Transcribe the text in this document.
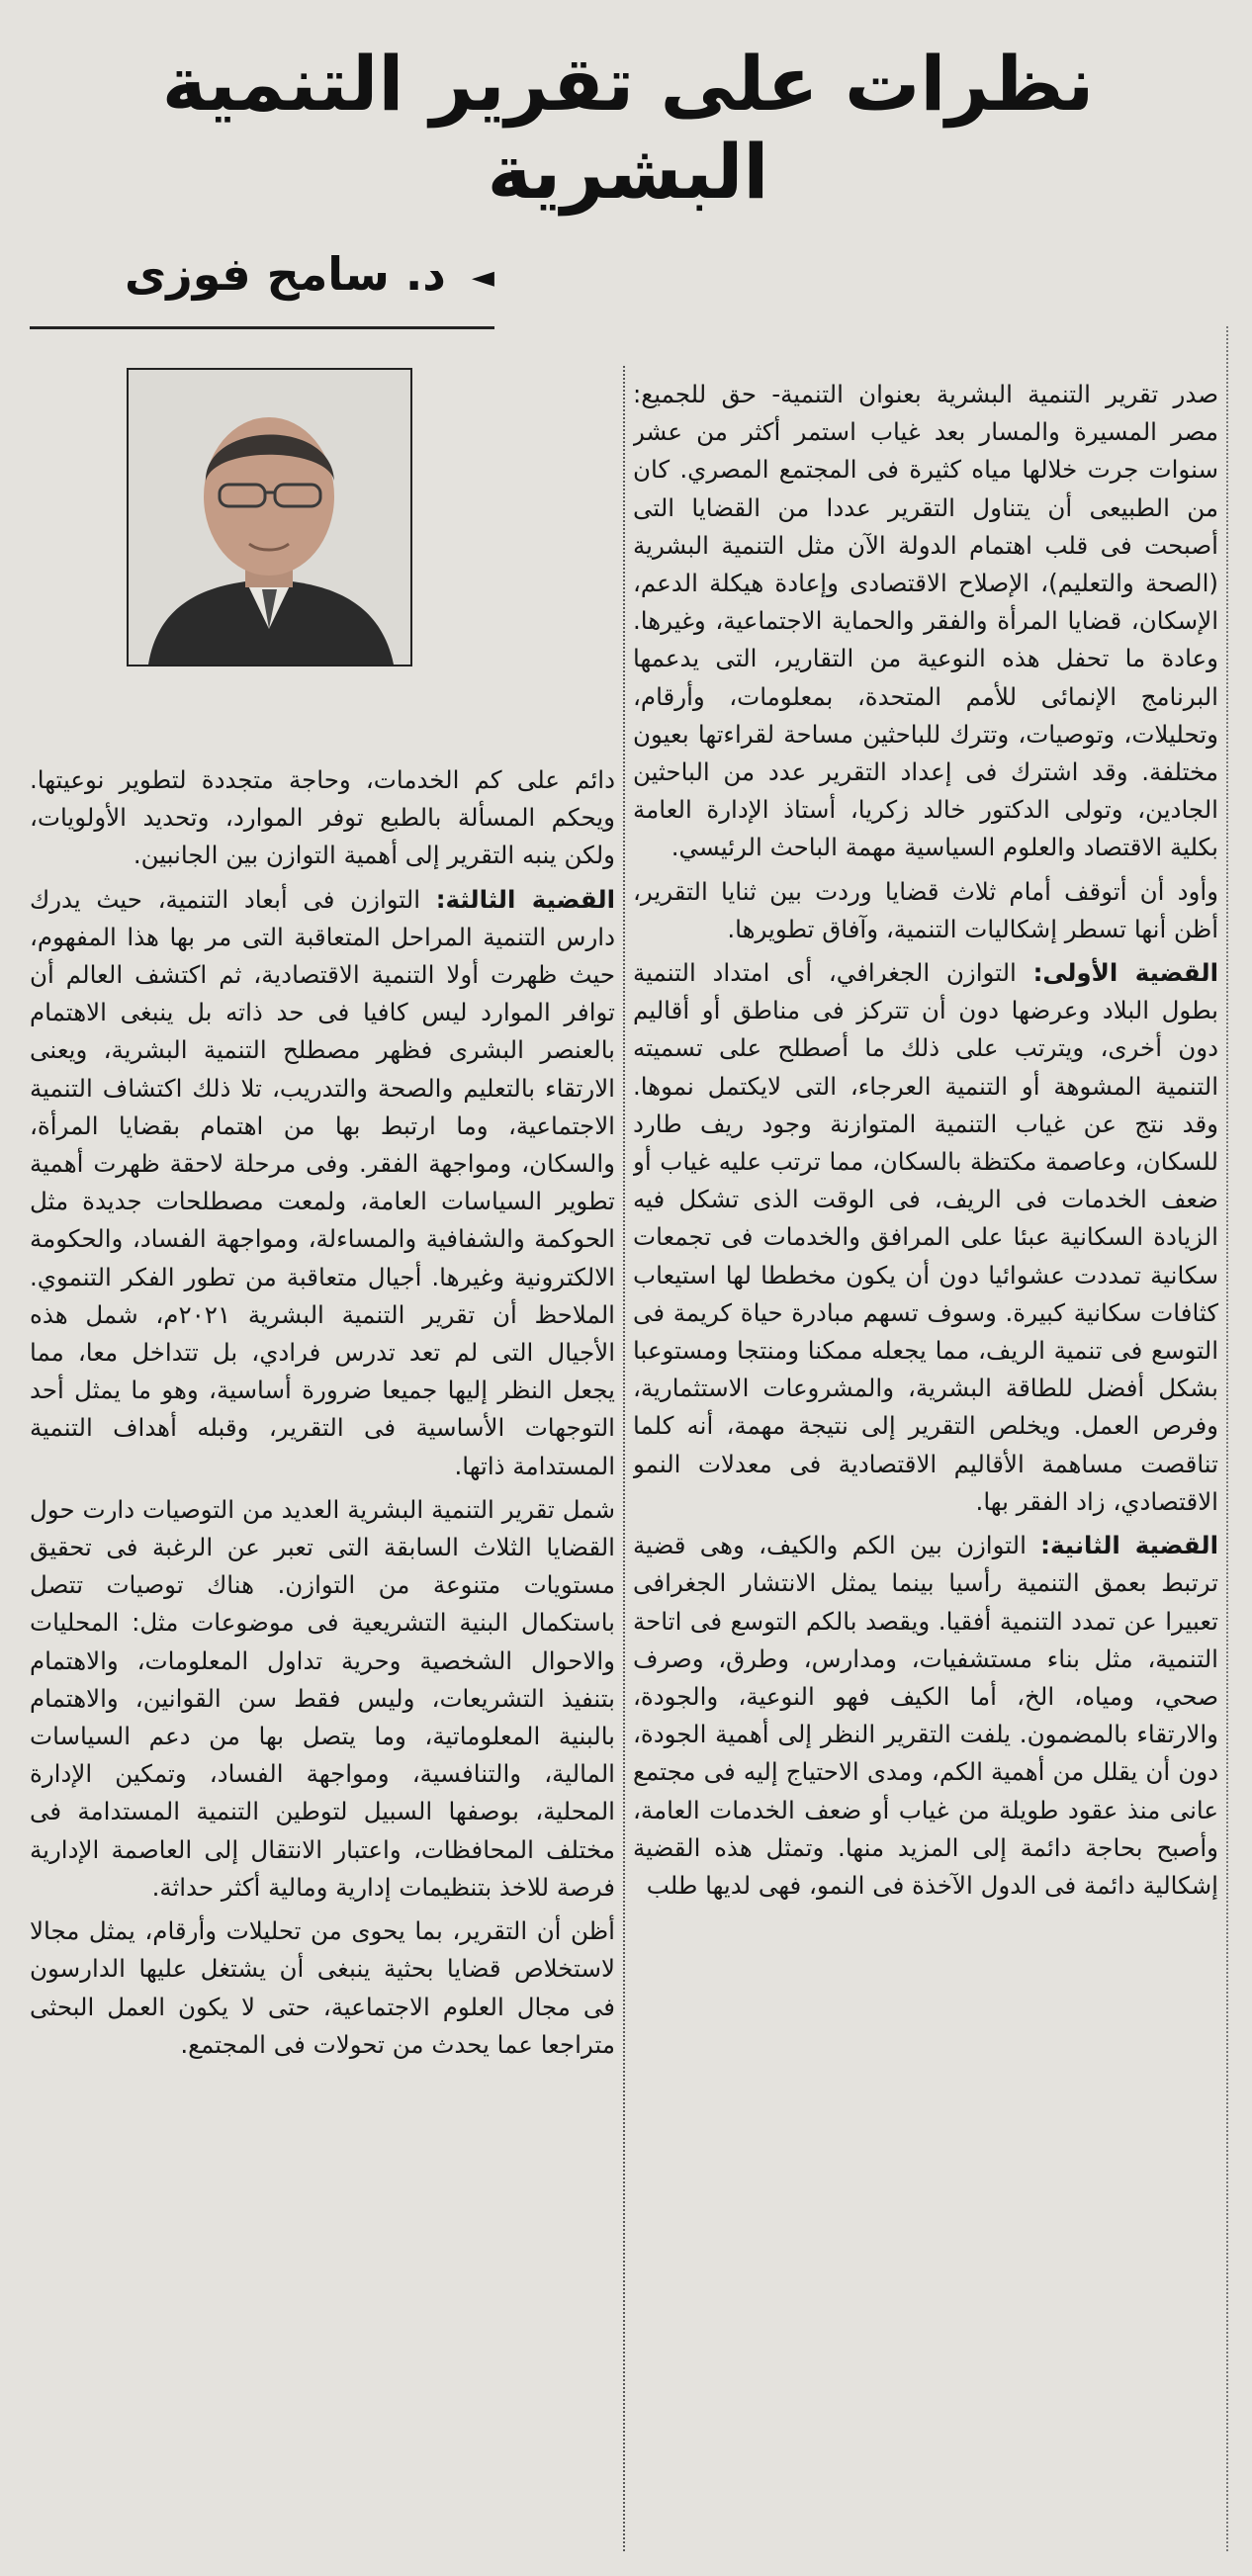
نظرات على تقرير التنمية البشرية
◄ د. سامح فوزى

صدر تقرير التنمية البشرية بعنوان التنمية- حق للجميع: مصر المسيرة والمسار بعد غياب استمر أكثر من عشر سنوات جرت خلالها مياه كثيرة فى المجتمع المصري. كان من الطبيعى أن يتناول التقرير عددا من القضايا التى أصبحت فى قلب اهتمام الدولة الآن مثل التنمية البشرية (الصحة والتعليم)، الإصلاح الاقتصادى وإعادة هيكلة الدعم، الإسكان، قضايا المرأة والفقر والحماية الاجتماعية، وغيرها. وعادة ما تحفل هذه النوعية من التقارير، التى يدعمها البرنامج الإنمائى للأمم المتحدة، بمعلومات، وأرقام، وتحليلات، وتوصيات، وتترك للباحثين مساحة لقراءتها بعيون مختلفة. وقد اشترك فى إعداد التقرير عدد من الباحثين الجادين، وتولى الدكتور خالد زكريا، أستاذ الإدارة العامة بكلية الاقتصاد والعلوم السياسية مهمة الباحث الرئيسي.

وأود أن أتوقف أمام ثلاث قضايا وردت بين ثنايا التقرير، أظن أنها تسطر إشكاليات التنمية، وآفاق تطويرها.

القضية الأولى: التوازن الجغرافي، أى امتداد التنمية بطول البلاد وعرضها دون أن تتركز فى مناطق أو أقاليم دون أخرى، ويترتب على ذلك ما أصطلح على تسميته التنمية المشوهة أو التنمية العرجاء، التى لايكتمل نموها. وقد نتج عن غياب التنمية المتوازنة وجود ريف طارد للسكان، وعاصمة مكتظة بالسكان، مما ترتب عليه غياب أو ضعف الخدمات فى الريف، فى الوقت الذى تشكل فيه الزيادة السكانية عبئا على المرافق والخدمات فى تجمعات سكانية تمددت عشوائيا دون أن يكون مخططا لها استيعاب كثافات سكانية كبيرة. وسوف تسهم مبادرة حياة كريمة فى التوسع فى تنمية الريف، مما يجعله ممكنا ومنتجا ومستوعبا بشكل أفضل للطاقة البشرية، والمشروعات الاستثمارية، وفرص العمل. ويخلص التقرير إلى نتيجة مهمة، أنه كلما تناقصت مساهمة الأقاليم الاقتصادية فى معدلات النمو الاقتصادي، زاد الفقر بها.

القضية الثانية: التوازن بين الكم والكيف، وهى قضية ترتبط بعمق التنمية رأسيا بينما يمثل الانتشار الجغرافى تعبيرا عن تمدد التنمية أفقيا. ويقصد بالكم التوسع فى اتاحة التنمية، مثل بناء مستشفيات، ومدارس، وطرق، وصرف صحي، ومياه، الخ، أما الكيف فهو النوعية، والجودة، والارتقاء بالمضمون. يلفت التقرير النظر إلى أهمية الجودة، دون أن يقلل من أهمية الكم، ومدى الاحتياج إليه فى مجتمع عانى منذ عقود طويلة من غياب أو ضعف الخدمات العامة، وأصبح بحاجة دائمة إلى المزيد منها. وتمثل هذه القضية إشكالية دائمة فى الدول الآخذة فى النمو، فهى لديها طلب

دائم على كم الخدمات، وحاجة متجددة لتطوير نوعيتها. ويحكم المسألة بالطبع توفر الموارد، وتحديد الأولويات، ولكن ينبه التقرير إلى أهمية التوازن بين الجانبين.

القضية الثالثة: التوازن فى أبعاد التنمية، حيث يدرك دارس التنمية المراحل المتعاقبة التى مر بها هذا المفهوم، حيث ظهرت أولا التنمية الاقتصادية، ثم اكتشف العالم أن توافر الموارد ليس كافيا فى حد ذاته بل ينبغى الاهتمام بالعنصر البشرى فظهر مصطلح التنمية البشرية، ويعنى الارتقاء بالتعليم والصحة والتدريب، تلا ذلك اكتشاف التنمية الاجتماعية، وما ارتبط بها من اهتمام بقضايا المرأة، والسكان، ومواجهة الفقر. وفى مرحلة لاحقة ظهرت أهمية تطوير السياسات العامة، ولمعت مصطلحات جديدة مثل الحوكمة والشفافية والمساءلة، ومواجهة الفساد، والحكومة الالكترونية وغيرها. أجيال متعاقبة من تطور الفكر التنموي. الملاحظ أن تقرير التنمية البشرية ٢٠٢١م، شمل هذه الأجيال التى لم تعد تدرس فرادي، بل تتداخل معا، مما يجعل النظر إليها جميعا ضرورة أساسية، وهو ما يمثل أحد التوجهات الأساسية فى التقرير، وقبله أهداف التنمية المستدامة ذاتها.

شمل تقرير التنمية البشرية العديد من التوصيات دارت حول القضايا الثلاث السابقة التى تعبر عن الرغبة فى تحقيق مستويات متنوعة من التوازن. هناك توصيات تتصل باستكمال البنية التشريعية فى موضوعات مثل: المحليات والاحوال الشخصية وحرية تداول المعلومات، والاهتمام بتنفيذ التشريعات، وليس فقط سن القوانين، والاهتمام بالبنية المعلوماتية، وما يتصل بها من دعم السياسات المالية، والتنافسية، ومواجهة الفساد، وتمكين الإدارة المحلية، بوصفها السبيل لتوطين التنمية المستدامة فى مختلف المحافظات، واعتبار الانتقال إلى العاصمة الإدارية فرصة للاخذ بتنظيمات إدارية ومالية أكثر حداثة.

أظن أن التقرير، بما يحوى من تحليلات وأرقام، يمثل مجالا لاستخلاص قضايا بحثية ينبغى أن يشتغل عليها الدارسون فى مجال العلوم الاجتماعية، حتى لا يكون العمل البحثى متراجعا عما يحدث من تحولات فى المجتمع.
